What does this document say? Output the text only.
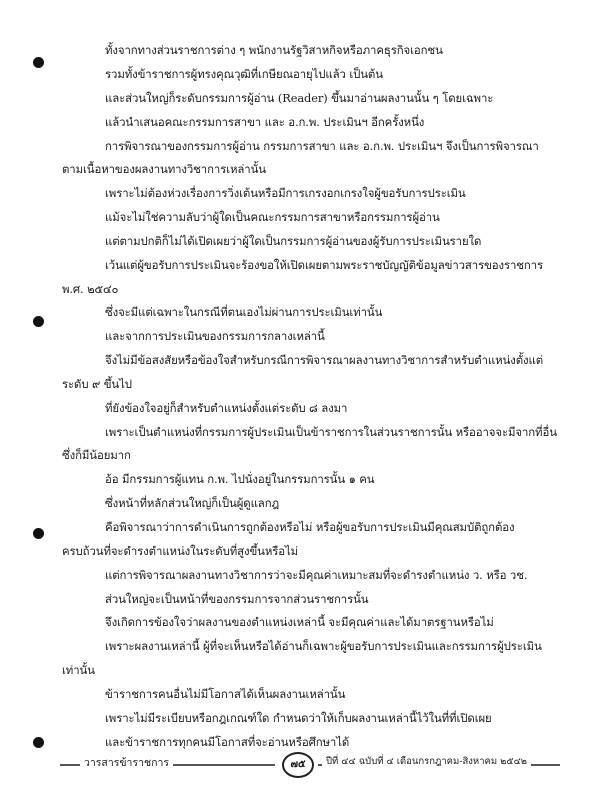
ทั้งจากทางส่วนราชการต่าง ๆ พนักงานรัฐวิสาหกิจหรือภาคธุรกิจเอกชน
รวมทั้งข้าราชการผู้ทรงคุณวุฒิที่เกษียณอายุไปแล้ว เป็นต้น
และส่วนใหญ่ก็ระดับกรรมการผู้อ่าน (Reader) ขึ้นมาอ่านผลงานนั้น ๆ โดยเฉพาะ
แล้วนำเสนอคณะกรรมการสาขา และ อ.ก.พ. ประเมินฯ อีกครั้งหนึ่ง
การพิจารณาของกรรมการผู้อ่าน กรรมการสาขา และ อ.ก.พ. ประเมินฯ จึงเป็นการพิจารณา
ตามเนื้อหาของผลงานทางวิชาการเหล่านั้น
เพราะไม่ต้องห่วงเรื่องการวิ่งเต้นหรือมีการเกรงอกเกรงใจผู้ขอรับการประเมิน
แม้จะไม่ใช่ความลับว่าผู้ใดเป็นคณะกรรมการสาขาหรือกรรมการผู้อ่าน
แต่ตามปกติก็ไม่ได้เปิดเผยว่าผู้ใดเป็นกรรมการผู้อ่านของผู้รับการประเมินรายใด
เว้นแต่ผู้ขอรับการประเมินจะร้องขอให้เปิดเผยตามพระราชบัญญัติข้อมูลข่าวสารของราชการ
พ.ศ. ๒๕๔๐
ซึ่งจะมีแต่เฉพาะในกรณีที่ตนเองไม่ผ่านการประเมินเท่านั้น
และจากการประเมินของกรรมการกลางเหล่านี้
จึงไม่มีข้อสงสัยหรือข้องใจสำหรับกรณีการพิจารณาผลงานทางวิชาการสำหรับตำแหน่งตั้งแต่
ระดับ ๙ ขึ้นไป
ที่ยังข้องใจอยู่ก็สำหรับตำแหน่งตั้งแต่ระดับ ๘ ลงมา
เพราะเป็นตำแหน่งที่กรรมการผู้ประเมินเป็นข้าราชการในส่วนราชการนั้น หรืออาจจะมีจากที่อื่น
ซึ่งก็มีน้อยมาก
อ้อ มีกรรมการผู้แทน ก.พ. ไปนั่งอยู่ในกรรมการนั้น ๑ คน
ซึ่งหน้าที่หลักส่วนใหญ่ก็เป็นผู้ดูแลกฎ
คือพิจารณาว่าการดำเนินการถูกต้องหรือไม่ หรือผู้ขอรับการประเมินมีคุณสมบัติถูกต้อง
ครบถ้วนที่จะดำรงตำแหน่งในระดับที่สูงขึ้นหรือไม่
แต่การพิจารณาผลงานทางวิชาการว่าจะมีคุณค่าเหมาะสมที่จะดำรงตำแหน่ง ว. หรือ วช.
ส่วนใหญ่จะเป็นหน้าที่ของกรรมการจากส่วนราชการนั้น
จึงเกิดการข้องใจว่าผลงานของตำแหน่งเหล่านี้ จะมีคุณค่าและได้มาตรฐานหรือไม่
เพราะผลงานเหล่านี้ ผู้ที่จะเห็นหรือได้อ่านก็เฉพาะผู้ขอรับการประเมินและกรรมการผู้ประเมิน
เท่านั้น
ข้าราชการคนอื่นไม่มีโอกาสได้เห็นผลงานเหล่านั้น
เพราะไม่มีระเบียบหรือกฎเกณฑ์ใด กำหนดว่าให้เก็บผลงานเหล่านี้ไว้ในที่ที่เปิดเผย
และข้าราชการทุกคนมีโอกาสที่จะอ่านหรือศึกษาได้
วารสารข้าราชการ	๗๕	ปีที่ ๔๔ ฉบับที่ ๔ เดือนกรกฎาคม-สิงหาคม ๒๕๔๒
